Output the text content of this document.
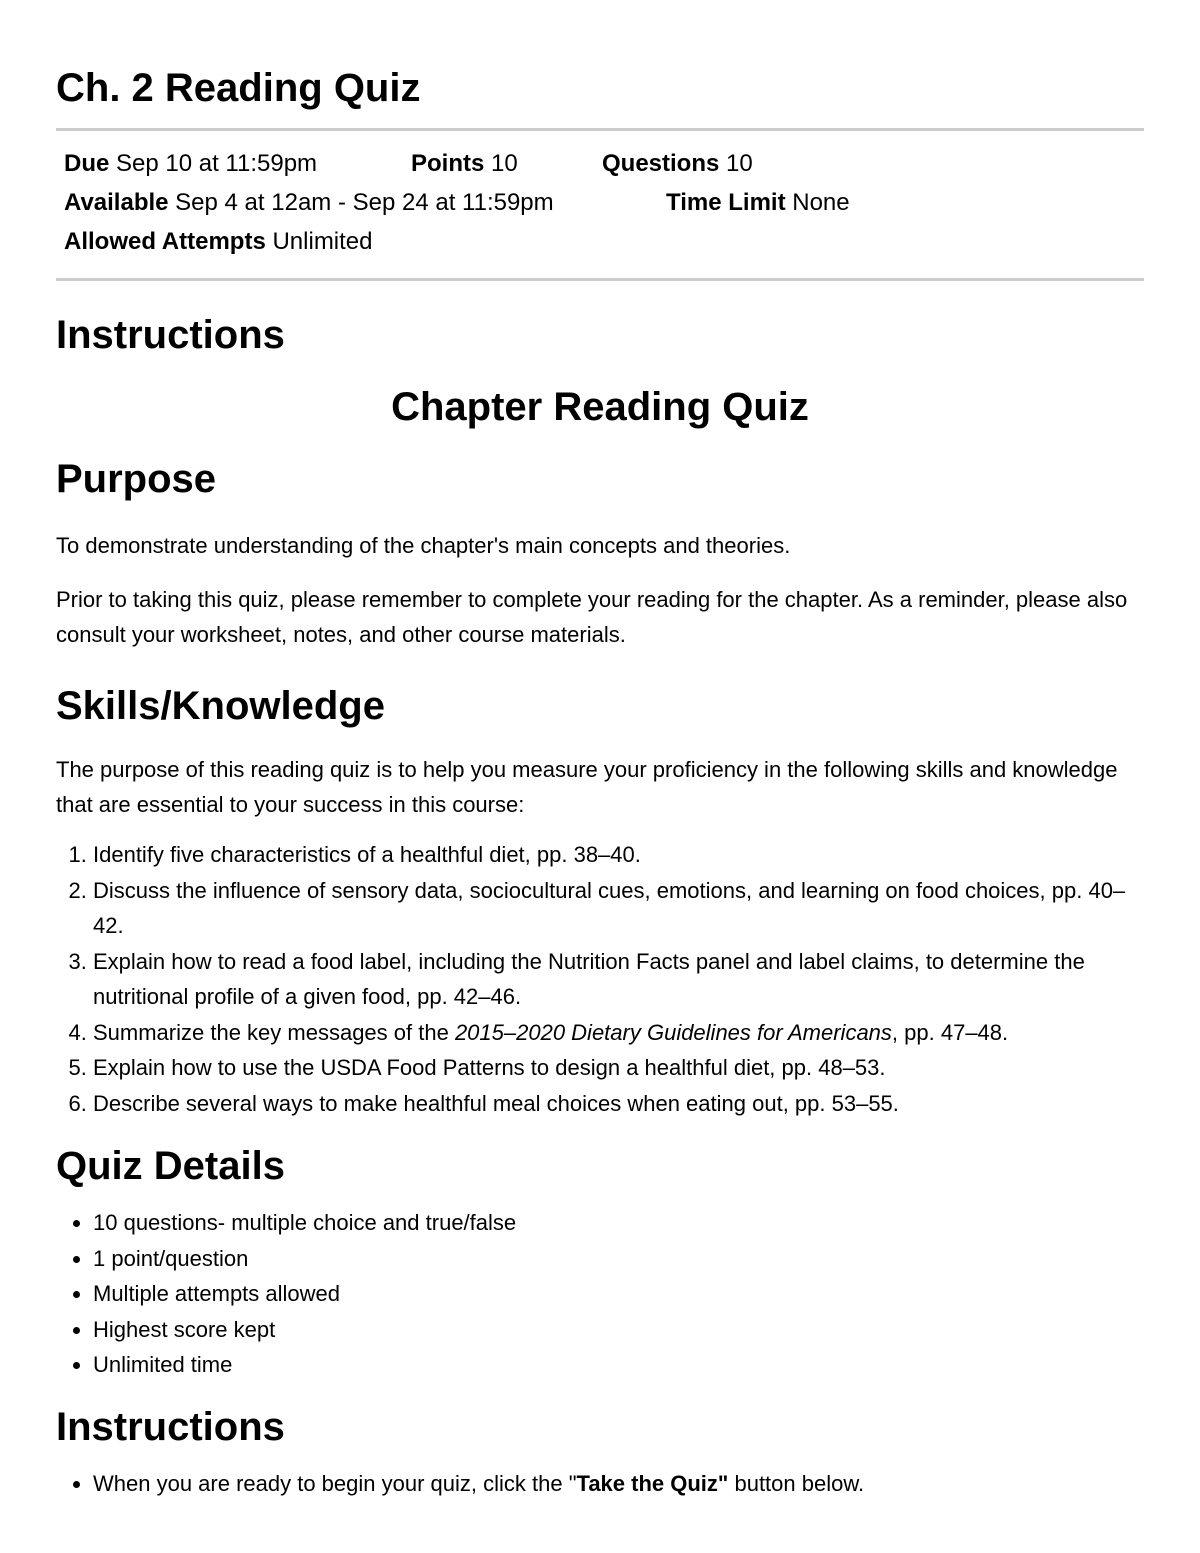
Ch. 2 Reading Quiz
Due Sep 10 at 11:59pm	Points 10	Questions 10
Available Sep 4 at 12am - Sep 24 at 11:59pm	Time Limit None
Allowed Attempts Unlimited
Instructions
Chapter Reading Quiz
Purpose

To demonstrate understanding of the chapter's main concepts and theories.

Prior to taking this quiz, please remember to complete your reading for the chapter. As a reminder, please also consult your worksheet, notes, and other course materials.

Skills/Knowledge

The purpose of this reading quiz is to help you measure your proficiency in the following skills and knowledge that are essential to your success in this course:

1. Identify five characteristics of a healthful diet, pp. 38–40.
2. Discuss the influence of sensory data, sociocultural cues, emotions, and learning on food choices, pp. 40–42.
3. Explain how to read a food label, including the Nutrition Facts panel and label claims, to determine the nutritional profile of a given food, pp. 42–46.
4. Summarize the key messages of the 2015–2020 Dietary Guidelines for Americans, pp. 47–48.
5. Explain how to use the USDA Food Patterns to design a healthful diet, pp. 48–53.
6. Describe several ways to make healthful meal choices when eating out, pp. 53–55.
Quiz Details
• 10 questions- multiple choice and true/false
• 1 point/question
• Multiple attempts allowed
• Highest score kept
• Unlimited time
Instructions
• When you are ready to begin your quiz, click the "Take the Quiz" button below.
